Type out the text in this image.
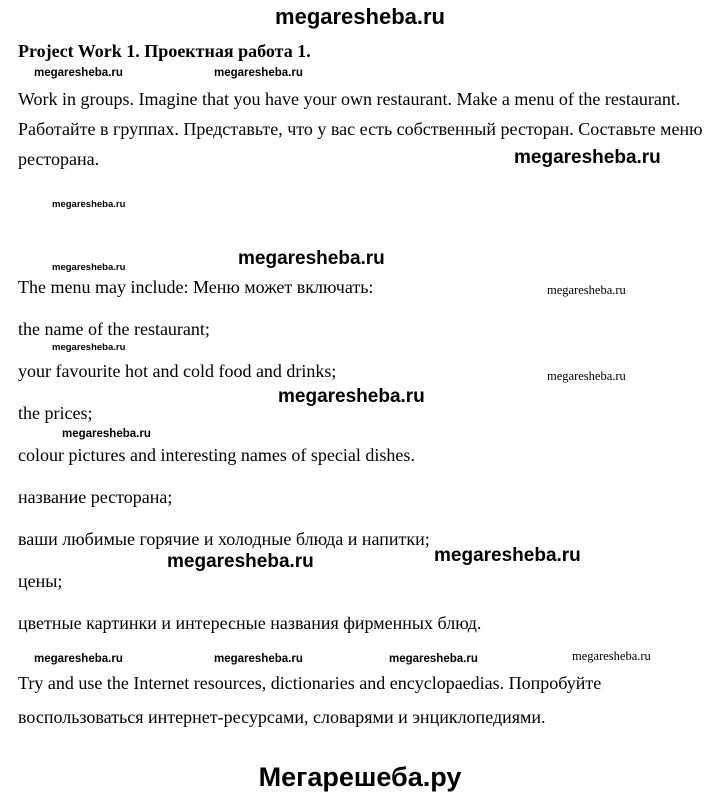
megaresheba.ru
Project Work 1. Проектная работа 1.
megaresheba.ru	megaresheba.ru
Work in groups. Imagine that you have your own restaurant. Make a menu of the restaurant. Работайте в группах. Представьте, что у вас есть собственный ресторан. Составьте меню ресторана.	megaresheba.ru
megaresheba.ru
megaresheba.ru
megaresheba.ru
The menu may include: Меню может включать:	megaresheba.ru
the name of the restaurant;
megaresheba.ru
your favourite hot and cold food and drinks;	megaresheba.ru
megaresheba.ru
the prices;
megaresheba.ru
colour pictures and interesting names of special dishes.
название ресторана;
ваши любимые горячие и холодные блюда и напитки;
megaresheba.ru
megaresheba.ru
цены;
цветные картинки и интересные названия фирменных блюд.
megaresheba.ru	megaresheba.ru	megaresheba.ru	megaresheba.ru
Try and use the Internet resources, dictionaries and encyclopaedias. Попробуйте воспользоваться интернет-ресурсами, словарями и энциклопедиями.
Мегарешеба.ру
